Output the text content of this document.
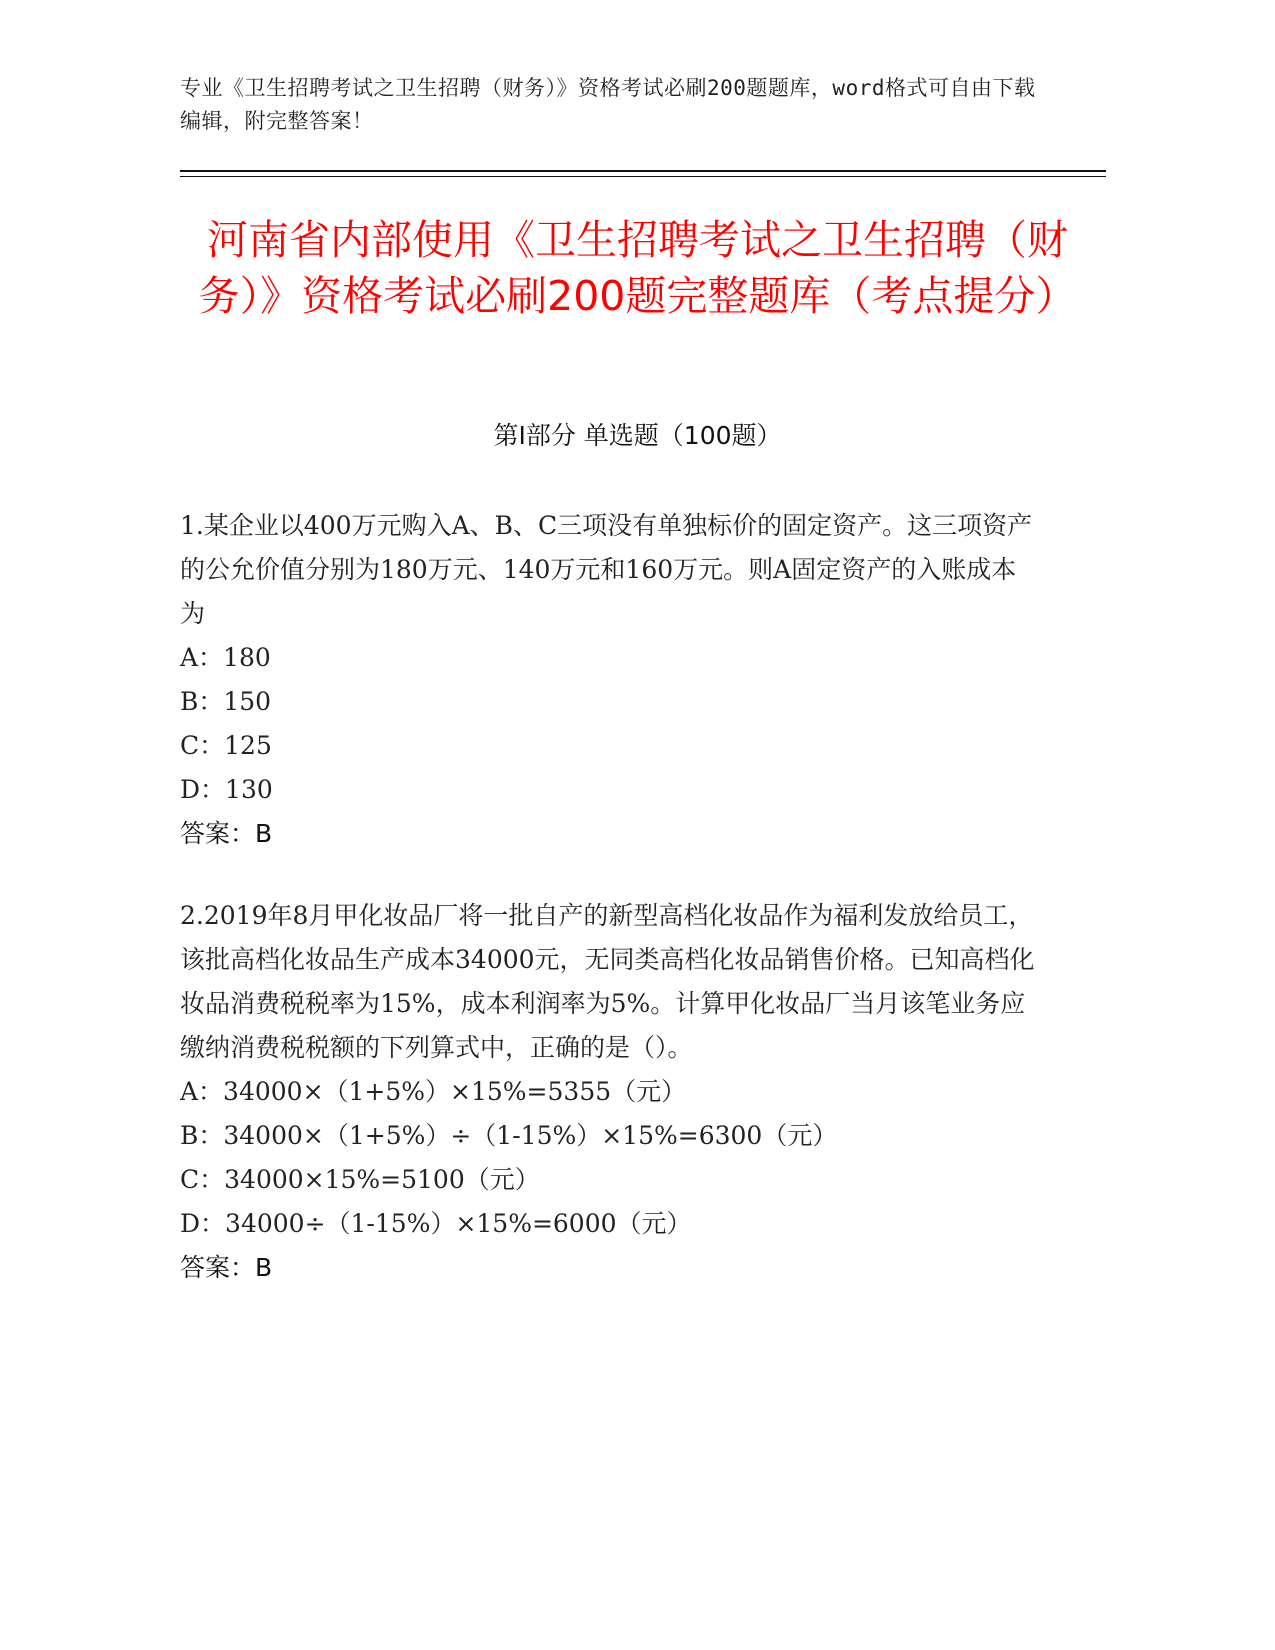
专业《卫生招聘考试之卫生招聘（财务）》资格考试必刷200题题库，word格式可自由下载编辑，附完整答案！
河南省内部使用《卫生招聘考试之卫生招聘（财务）》资格考试必刷200题完整题库（考点提分）
第Ⅰ部分 单选题（100题）

1.某企业以400万元购入A、B、C三项没有单独标价的固定资产。这三项资产的公允价值分别为180万元、140万元和160万元。则A固定资产的入账成本为

A：180

B：150

C：125

D：130

答案：B

2.2019年8月甲化妆品厂将一批自产的新型高档化妆品作为福利发放给员工，该批高档化妆品生产成本34000元，无同类高档化妆品销售价格。已知高档化妆品消费税税率为15%，成本利润率为5%。计算甲化妆品厂当月该笔业务应缴纳消费税税额的下列算式中，正确的是（）。

A：34000×（1+5%）×15%=5355（元）

B：34000×（1+5%）÷（1-15%）×15%=6300（元）

C：34000×15%=5100（元）

D：34000÷（1-15%）×15%=6000（元）

答案：B
